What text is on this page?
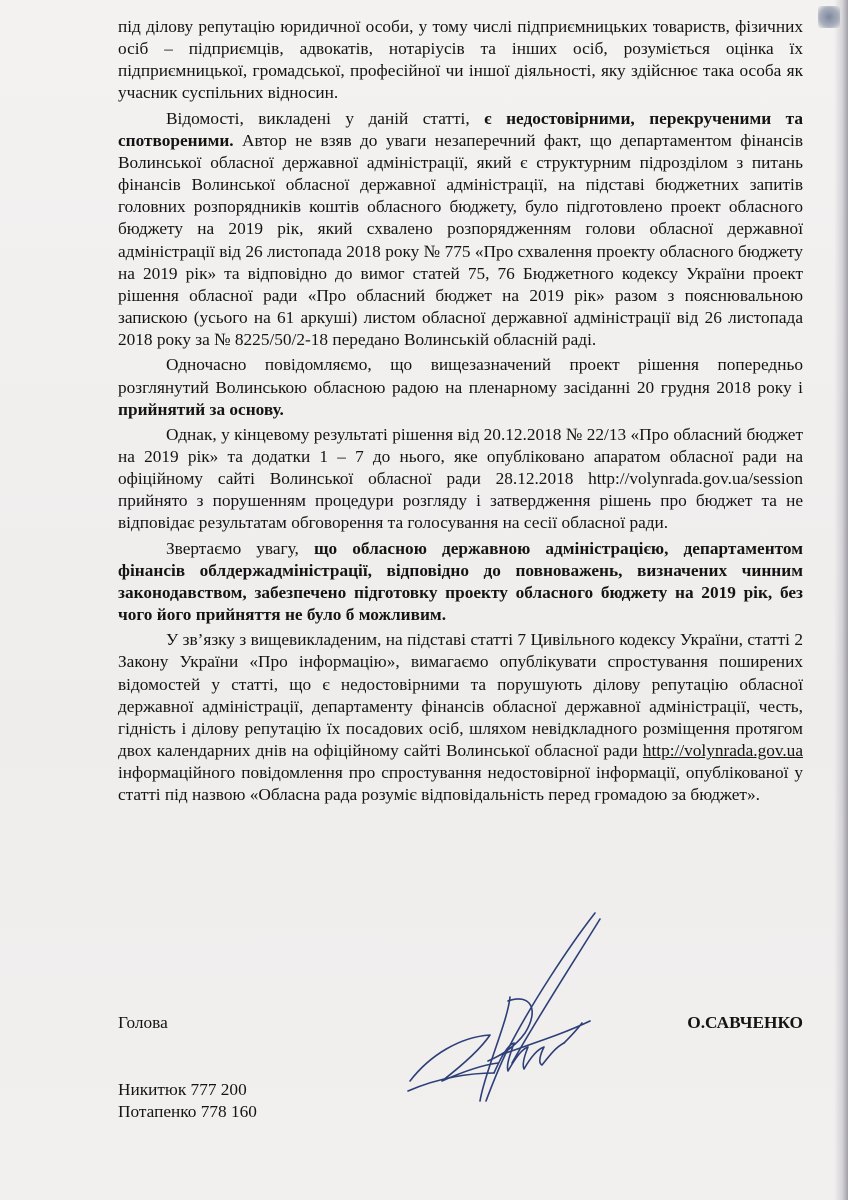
під ділову репутацію юридичної особи, у тому числі підприємницьких товариств, фізичних осіб – підприємців, адвокатів, нотаріусів та інших осіб, розуміється оцінка їх підприємницької, громадської, професійної чи іншої діяльності, яку здійснює така особа як учасник суспільних відносин.

Відомості, викладені у даній статті, є недостовірними, перекрученими та спотвореними. Автор не взяв до уваги незаперечний факт, що департаментом фінансів Волинської обласної державної адміністрації, який є структурним підрозділом з питань фінансів Волинської обласної державної адміністрації, на підставі бюджетних запитів головних розпорядників коштів обласного бюджету, було підготовлено проект обласного бюджету на 2019 рік, який схвалено розпорядженням голови обласної державної адміністрації від 26 листопада 2018 року № 775 «Про схвалення проекту обласного бюджету на 2019 рік» та відповідно до вимог статей 75, 76 Бюджетного кодексу України проект рішення обласної ради «Про обласний бюджет на 2019 рік» разом з пояснювальною запискою (усього на 61 аркуші) листом обласної державної адміністрації від 26 листопада 2018 року за № 8225/50/2-18 передано Волинській обласній раді.

Одночасно повідомляємо, що вищезазначений проект рішення попередньо розглянутий Волинською обласною радою на пленарному засіданні 20 грудня 2018 року і прийнятий за основу.

Однак, у кінцевому результаті рішення від 20.12.2018 № 22/13 «Про обласний бюджет на 2019 рік» та додатки 1 – 7 до нього, яке опубліковано апаратом обласної ради на офіційному сайті Волинської обласної ради 28.12.2018 http://volynrada.gov.ua/session прийнято з порушенням процедури розгляду і затвердження рішень про бюджет та не відповідає результатам обговорення та голосування на сесії обласної ради.

Звертаємо увагу, що обласною державною адміністрацією, департаментом фінансів облдержадміністрації, відповідно до повноважень, визначених чинним законодавством, забезпечено підготовку проекту обласного бюджету на 2019 рік, без чого його прийняття не було б можливим.

У зв’язку з вищевикладеним, на підставі статті 7 Цивільного кодексу України, статті 2 Закону України «Про інформацію», вимагаємо опублікувати спростування поширених відомостей у статті, що є недостовірними та порушують ділову репутацію обласної державної адміністрації, департаменту фінансів обласної державної адміністрації, честь, гідність і ділову репутацію їх посадових осіб, шляхом невідкладного розміщення протягом двох календарних днів на офіційному сайті Волинської обласної ради http://volynrada.gov.ua інформаційного повідомлення про спростування недостовірної інформації, опублікованої у статті під назвою «Обласна рада розуміє відповідальність перед громадою за бюджет».

Голова	О.САВЧЕНКО
Никитюк 777 200
Потапенко 778 160
